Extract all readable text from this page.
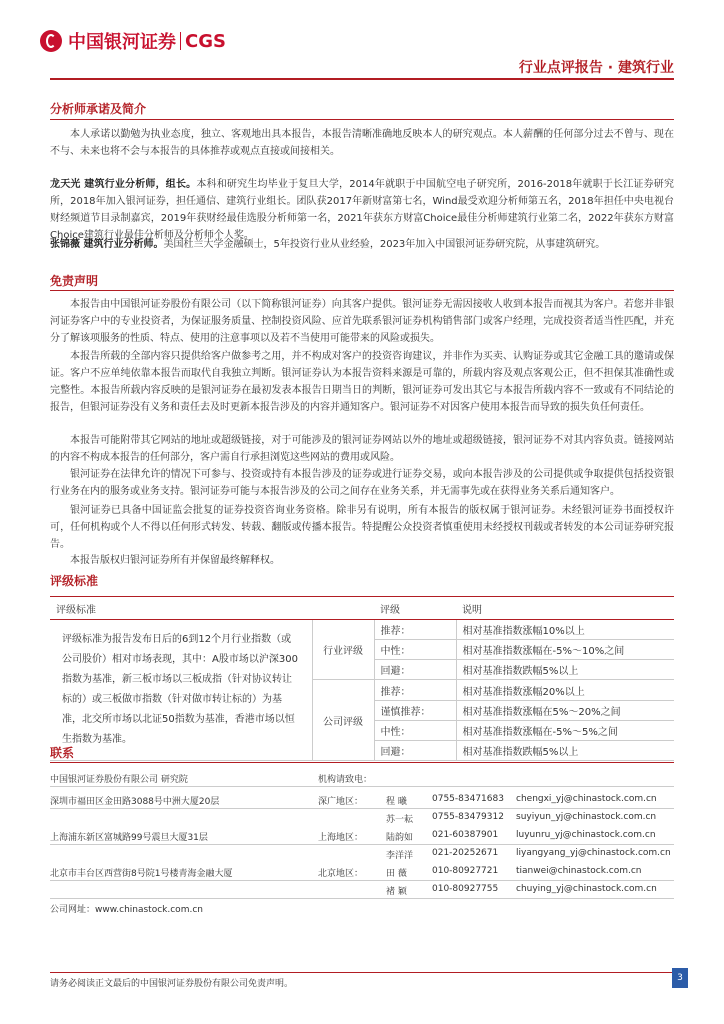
中国银河证券 CGS
行业点评报告 · 建筑行业
分析师承诺及简介
本人承诺以勤勉为执业态度，独立、客观地出具本报告，本报告清晰准确地反映本人的研究观点。本人薪酬的任何部分过去不曾与、现在不与、未来也将不会与本报告的具体推荐或观点直接或间接相关。
龙天光 建筑行业分析师，组长。本科和研究生均毕业于复旦大学，2014年就职于中国航空电子研究所，2016-2018年就职于长江证券研究所，2018年加入银河证券，担任通信、建筑行业组长。团队获2017年新财富第七名，Wind最受欢迎分析师第五名，2018年担任中央电视台财经频道节目录制嘉宾，2019年获财经最佳选股分析师第一名，2021年获东方财富Choice最佳分析师建筑行业第二名，2022年获东方财富Choice建筑行业最佳分析师及分析师个人奖。
张锦薇 建筑行业分析师。美国杜兰大学金融硕士，5年投资行业从业经验，2023年加入中国银河证券研究院，从事建筑研究。
免责声明
本报告由中国银河证券股份有限公司（以下简称银河证券）向其客户提供。银河证券无需因接收人收到本报告而视其为客户。若您并非银河证券客户中的专业投资者，为保证服务质量、控制投资风险、应首先联系银河证券机构销售部门或客户经理，完成投资者适当性匹配，并充分了解该项服务的性质、特点、使用的注意事项以及若不当使用可能带来的风险或损失。
本报告所载的全部内容只提供给客户做参考之用，并不构成对客户的投资咨询建议，并非作为买卖、认购证券或其它金融工具的邀请或保证。客户不应单纯依靠本报告而取代自我独立判断。银河证券认为本报告资料来源是可靠的，所载内容及观点客观公正，但不担保其准确性或完整性。本报告所载内容反映的是银河证券在最初发表本报告日期当日的判断，银河证券可发出其它与本报告所载内容不一致或有不同结论的报告，但银河证券没有义务和责任去及时更新本报告涉及的内容并通知客户。银河证券不对因客户使用本报告而导致的损失负任何责任。
本报告可能附带其它网站的地址或超级链接，对于可能涉及的银河证券网站以外的地址或超级链接，银河证券不对其内容负责。链接网站的内容不构成本报告的任何部分，客户需自行承担浏览这些网站的费用或风险。
银河证券在法律允许的情况下可参与、投资或持有本报告涉及的证券或进行证券交易，或向本报告涉及的公司提供或争取提供包括投资银行业务在内的服务或业务支持。银河证券可能与本报告涉及的公司之间存在业务关系，并无需事先或在获得业务关系后通知客户。
银河证券已具备中国证监会批复的证券投资咨询业务资格。除非另有说明，所有本报告的版权属于银河证券。未经银河证券书面授权许可，任何机构或个人不得以任何形式转发、转载、翻版或传播本报告。特提醒公众投资者慎重使用未经授权刊载或者转发的本公司证券研究报告。
本报告版权归银河证券所有并保留最终解释权。
评级标准
评级标准		评级	说明
评级标准为报告发布日后的6到12个月行业指数（或公司股价）相对市场表现，其中：A股市场以沪深300指数为基准，新三板市场以三板成指（针对协议转让标的）或三板做市指数（针对做市转让标的）为基准，北交所市场以北证50指数为基准，香港市场以恒生指数为基准。	行业评级	推荐：	相对基准指数涨幅10%以上
		中性：	相对基准指数涨幅在-5%～10%之间
		回避：	相对基准指数跌幅5%以上
	公司评级	推荐：	相对基准指数涨幅20%以上
		谨慎推荐：	相对基准指数涨幅在5%～20%之间
		中性：	相对基准指数涨幅在-5%～5%之间
		回避：	相对基准指数跌幅5%以上
联系
中国银河证券股份有限公司 研究院	机构请致电：
深圳市福田区金田路3088号中洲大厦20层	深广地区：	程 曦	0755-83471683 chengxi_yj@chinastock.com.cn
苏一耘 0755-83479312 suyiyun_yj@chinastock.com.cn
上海浦东新区富城路99号震旦大厦31层	上海地区：	陆韵如 021-60387901 luyunru_yj@chinastock.com.cn
李洋洋 021-20252671 liyangyang_yj@chinastock.com.cn
北京市丰台区西营街8号院1号楼青海金融大厦	北京地区：	田 薇	010-80927721 tianwei@chinastock.com.cn
褚 颖	010-80927755 chuying_yj@chinastock.com.cn
公司网址：www.chinastock.com.cn
请务必阅读正文最后的中国银河证券股份有限公司免责声明。
3
